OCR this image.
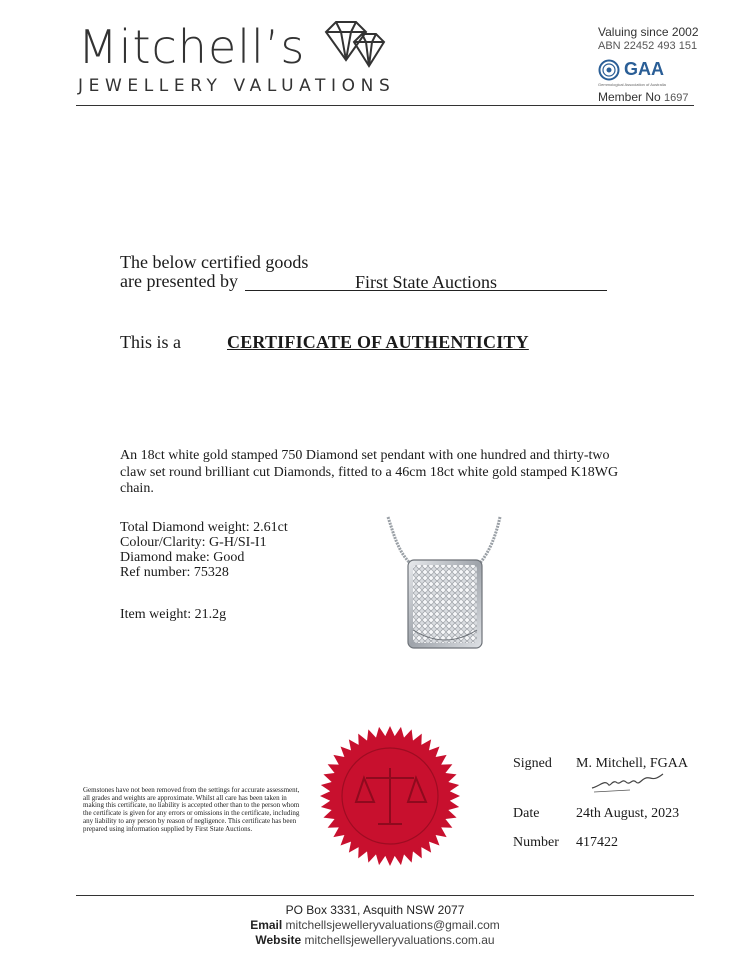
Mitchell’s
JEWELLERY VALUATIONS
Valuing since 2002
ABN 22452 493 151
GAA
Gemmological Association of Australia
Member No 1697
The below certified goods
are presented by	First State Auctions
This is a	CERTIFICATE OF AUTHENTICITY
An 18ct white gold stamped 750 Diamond set pendant with one hundred and thirty-two claw set round brilliant cut Diamonds, fitted to a 46cm 18ct white gold stamped K18WG chain.
Total Diamond weight: 2.61ct
Colour/Clarity: G-H/SI-I1
Diamond make: Good
Ref number: 75328
Item weight: 21.2g
Gemstones have not been removed from the settings for accurate assessment, all grades and weights are approximate. Whilst all care has been taken in making this certificate, no liability is accepted other than to the person whom the certificate is given for any errors or omissions in the certificate, including any liability to any person by reason of negligence. This certificate has been prepared using information supplied by First State Auctions.
Signed M. Mitchell, FGAA
Date	24th August, 2023
Number 417422
PO Box 3331, Asquith NSW 2077
Email mitchellsjewelleryvaluations@gmail.com
Website mitchellsjewelleryvaluations.com.au
